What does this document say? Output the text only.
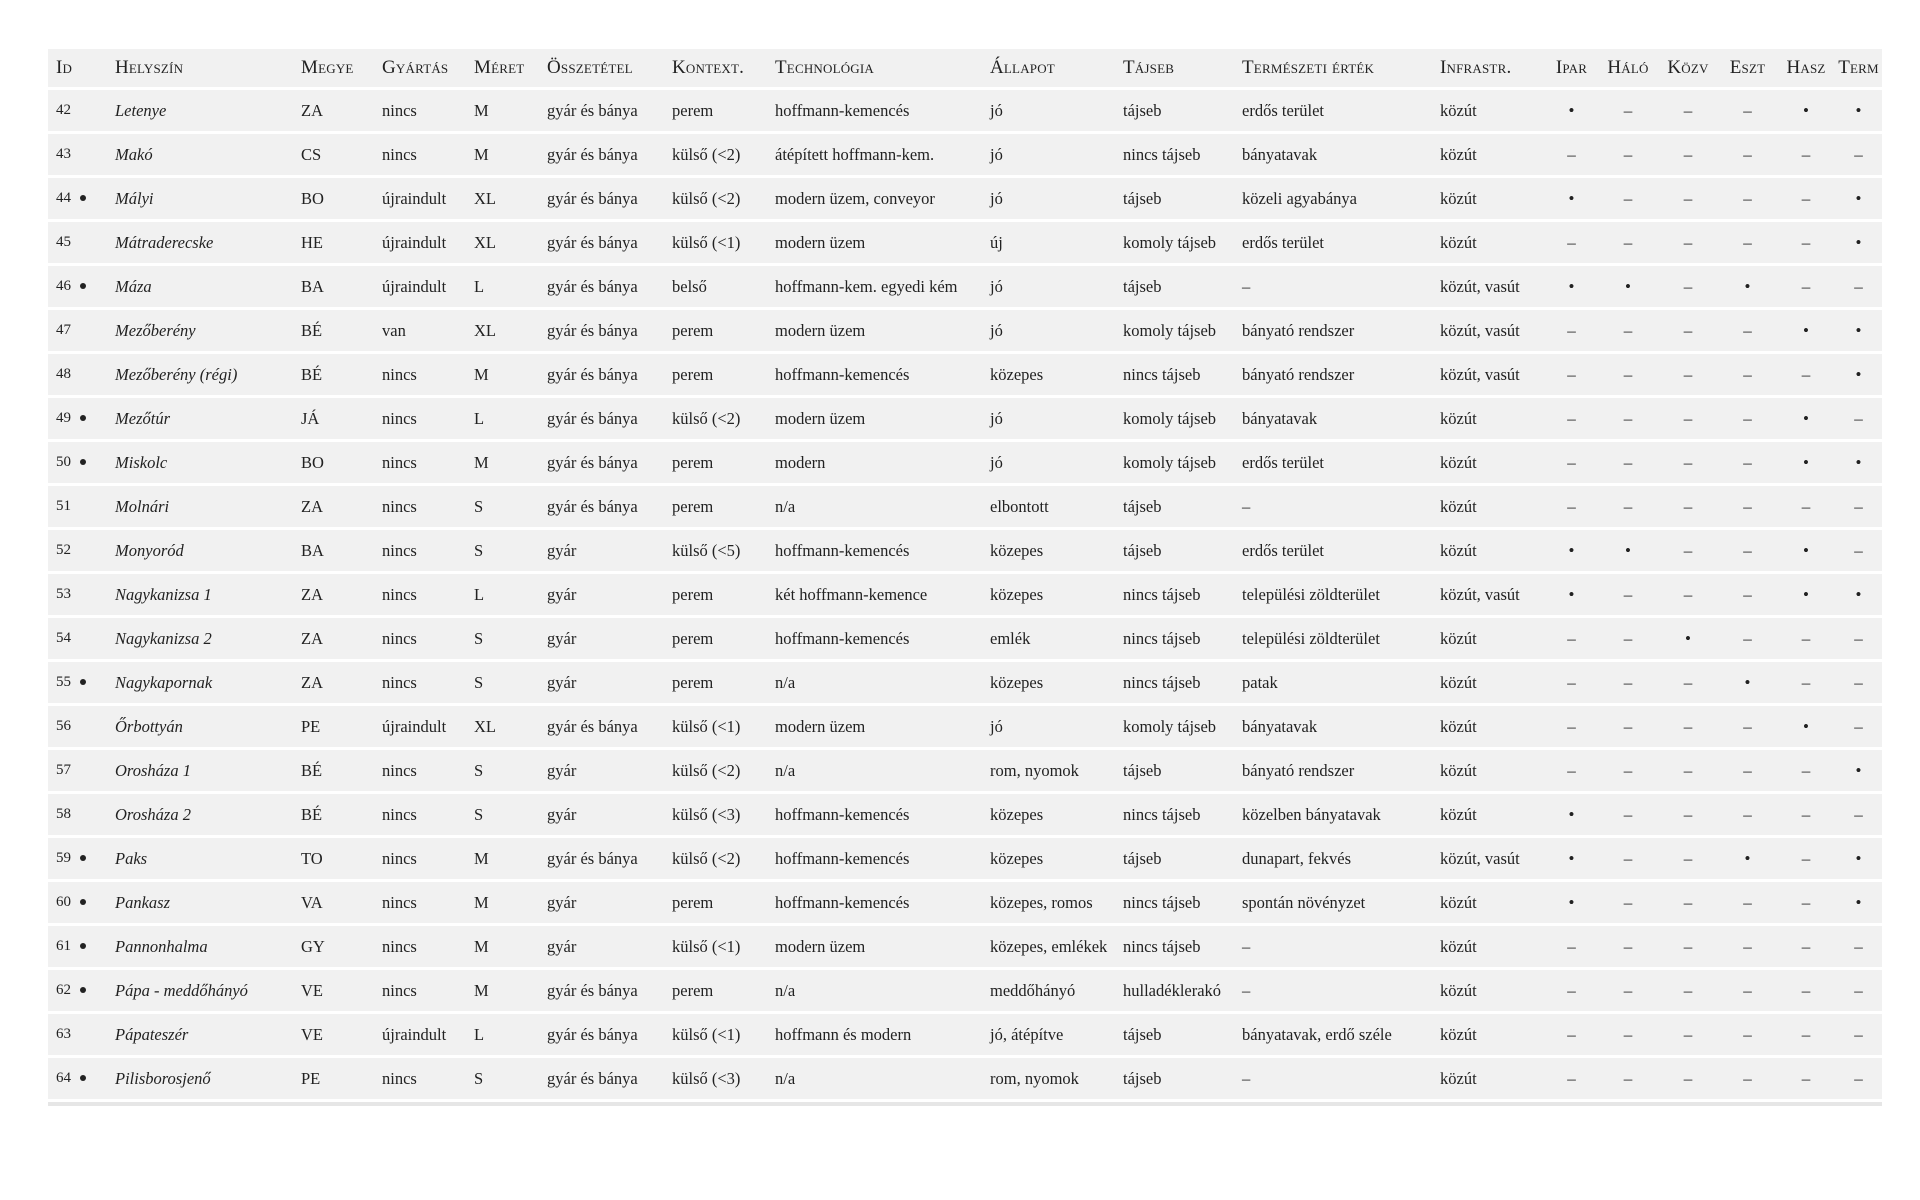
Id	Helyszín	Megye	Gyártás	Méret	Összetétel	Kontext.	Technológia	Állapot	Tájseb	Természeti érték	Infrastr.	Ipar	Háló	Közv	Eszt	Hasz	Term
42	Letenye	ZA	nincs	M	gyár és bánya	perem	hoffmann-kemencés	jó	tájseb	erdős terület	közút	•	–	–	–	•	•
43	Makó	CS	nincs	M	gyár és bánya	külső (<2)	átépített hoffmann-kem.	jó	nincs tájseb	bányatavak	közút	–	–	–	–	–	–
44	Mályi	BO	újraindult	XL	gyár és bánya	külső (<2)	modern üzem, conveyor	jó	tájseb	közeli agyabánya	közút	•	–	–	–	–	•
45	Mátraderecske	HE	újraindult	XL	gyár és bánya	külső (<1)	modern üzem	új	komoly tájseb	erdős terület	közút	–	–	–	–	–	•
46	Máza	BA	újraindult	L	gyár és bánya	belső	hoffmann-kem. egyedi kém	jó	tájseb	–	közút, vasút	•	•	–	•	–	–
47	Mezőberény	BÉ	van	XL	gyár és bánya	perem	modern üzem	jó	komoly tájseb	bányató rendszer	közút, vasút	–	–	–	–	•	•
48	Mezőberény (régi)	BÉ	nincs	M	gyár és bánya	perem	hoffmann-kemencés	közepes	nincs tájseb	bányató rendszer	közút, vasút	–	–	–	–	–	•
49	Mezőtúr	JÁ	nincs	L	gyár és bánya	külső (<2)	modern üzem	jó	komoly tájseb	bányatavak	közút	–	–	–	–	•	–
50	Miskolc	BO	nincs	M	gyár és bánya	perem	modern	jó	komoly tájseb	erdős terület	közút	–	–	–	–	•	•
51	Molnári	ZA	nincs	S	gyár és bánya	perem	n/a	elbontott	tájseb	–	közút	–	–	–	–	–	–
52	Monyoród	BA	nincs	S	gyár	külső (<5)	hoffmann-kemencés	közepes	tájseb	erdős terület	közút	•	•	–	–	•	–
53	Nagykanizsa 1	ZA	nincs	L	gyár	perem	két hoffmann-kemence	közepes	nincs tájseb	települési zöldterület	közút, vasút	•	–	–	–	•	•
54	Nagykanizsa 2	ZA	nincs	S	gyár	perem	hoffmann-kemencés	emlék	nincs tájseb	települési zöldterület	közút	–	–	•	–	–	–
55	Nagykapornak	ZA	nincs	S	gyár	perem	n/a	közepes	nincs tájseb	patak	közút	–	–	–	•	–	–
56	Őrbottyán	PE	újraindult	XL	gyár és bánya	külső (<1)	modern üzem	jó	komoly tájseb	bányatavak	közút	–	–	–	–	•	–
57	Orosháza 1	BÉ	nincs	S	gyár	külső (<2)	n/a	rom, nyomok	tájseb	bányató rendszer	közút	–	–	–	–	–	•
58	Orosháza 2	BÉ	nincs	S	gyár	külső (<3)	hoffmann-kemencés	közepes	nincs tájseb	közelben bányatavak	közút	•	–	–	–	–	–
59	Paks	TO	nincs	M	gyár és bánya	külső (<2)	hoffmann-kemencés	közepes	tájseb	dunapart, fekvés	közút, vasút	•	–	–	•	–	•
60	Pankasz	VA	nincs	M	gyár	perem	hoffmann-kemencés	közepes, romos	nincs tájseb	spontán növényzet	közút	•	–	–	–	–	•
61	Pannonhalma	GY	nincs	M	gyár	külső (<1)	modern üzem	közepes, emlékek	nincs tájseb	–	közút	–	–	–	–	–	–
62	Pápa - meddőhányó	VE	nincs	M	gyár és bánya	perem	n/a	meddőhányó	hulladéklerakó	–	közút	–	–	–	–	–	–
63	Pápateszér	VE	újraindult	L	gyár és bánya	külső (<1)	hoffmann és modern	jó, átépítve	tájseb	bányatavak, erdő széle	közút	–	–	–	–	–	–
64	Pilisborosjenő	PE	nincs	S	gyár és bánya	külső (<3)	n/a	rom, nyomok	tájseb	–	közút	–	–	–	–	–	–
